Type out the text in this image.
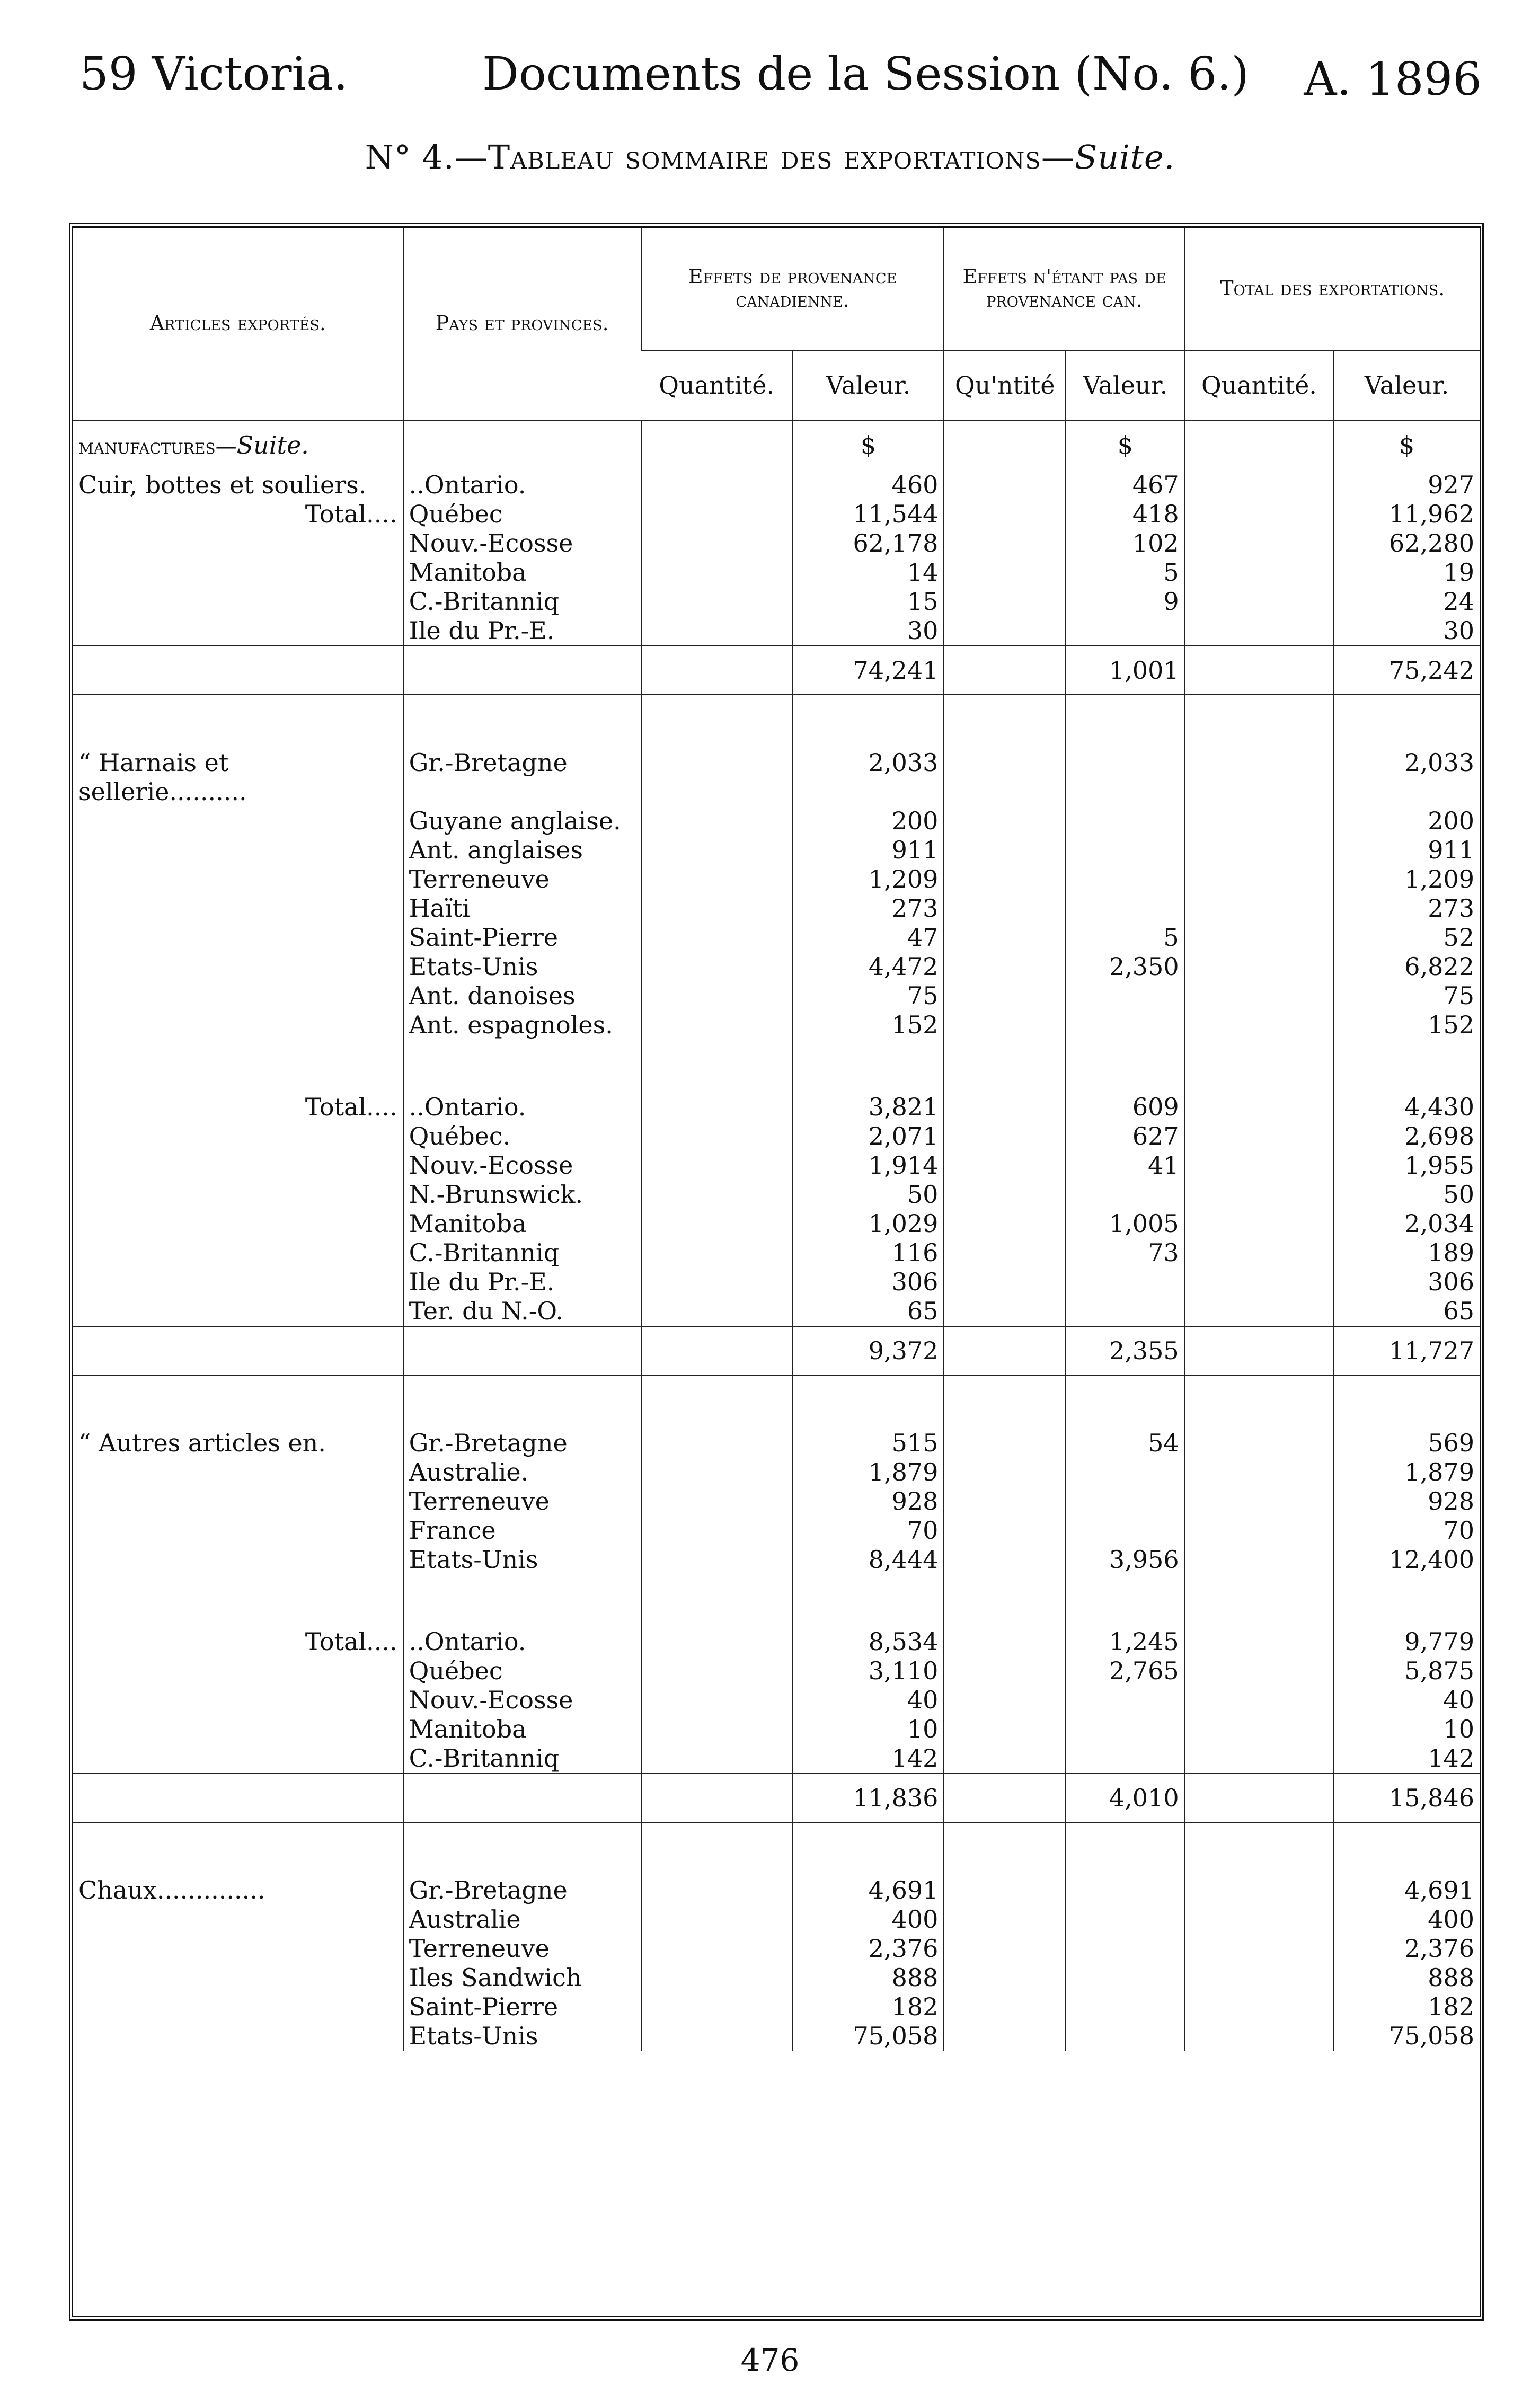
59 Victoria.	Documents de la Session (No. 6.) A. 1896
N° 4.—Tableau sommaire des exportations—Suite.
Articles exportés.	Pays et provinces.	Effets de provenance canadienne.		Effets n'étant pas de provenance can.		Total des exportations.	
		Quantité.	Valeur.	Qu'ntité	Valeur.	Quantité.	Valeur.
manufactures—Suite.			$		$		$
Cuir, bottes et souliers.	..Ontario.		460		467		927
Total....	Québec		11,544		418		11,962
	Nouv.-Ecosse		62,178		102		62,280
	Manitoba		14		5		19
	C.-Britanniq		15		9		24
	Ile du Pr.-E.		30				30
			74,241		1,001		75,242

“ Harnais et sellerie..........	Gr.-Bretagne		2,033				2,033
	Guyane anglaise.		200				200
	Ant. anglaises		911				911
	Terreneuve		1,209				1,209
	Haïti		273				273
	Saint-Pierre		47		5		52
	Etats-Unis		4,472		2,350		6,822
	Ant. danoises		75				75
	Ant. espagnoles.		152				152

Total....	..Ontario.		3,821		609		4,430
	Québec.		2,071		627		2,698
	Nouv.-Ecosse		1,914		41		1,955
	N.-Brunswick.		50				50
	Manitoba		1,029		1,005		2,034
	C.-Britanniq		116		73		189
	Ile du Pr.-E.		306				306
	Ter. du N.-O.		65				65
			9,372		2,355		11,727

“ Autres articles en.	Gr.-Bretagne		515		54		569
	Australie.		1,879				1,879
	Terreneuve		928				928
	France		70				70
	Etats-Unis		8,444		3,956		12,400

Total....	..Ontario.		8,534		1,245		9,779
	Québec		3,110		2,765		5,875
	Nouv.-Ecosse		40				40
	Manitoba		10				10
	C.-Britanniq		142				142
			11,836		4,010		15,846

Chaux..............	Gr.-Bretagne		4,691				4,691
	Australie		400				400
	Terreneuve		2,376				2,376
	Iles Sandwich		888				888
	Saint-Pierre		182				182
	Etats-Unis		75,058				75,058
476
